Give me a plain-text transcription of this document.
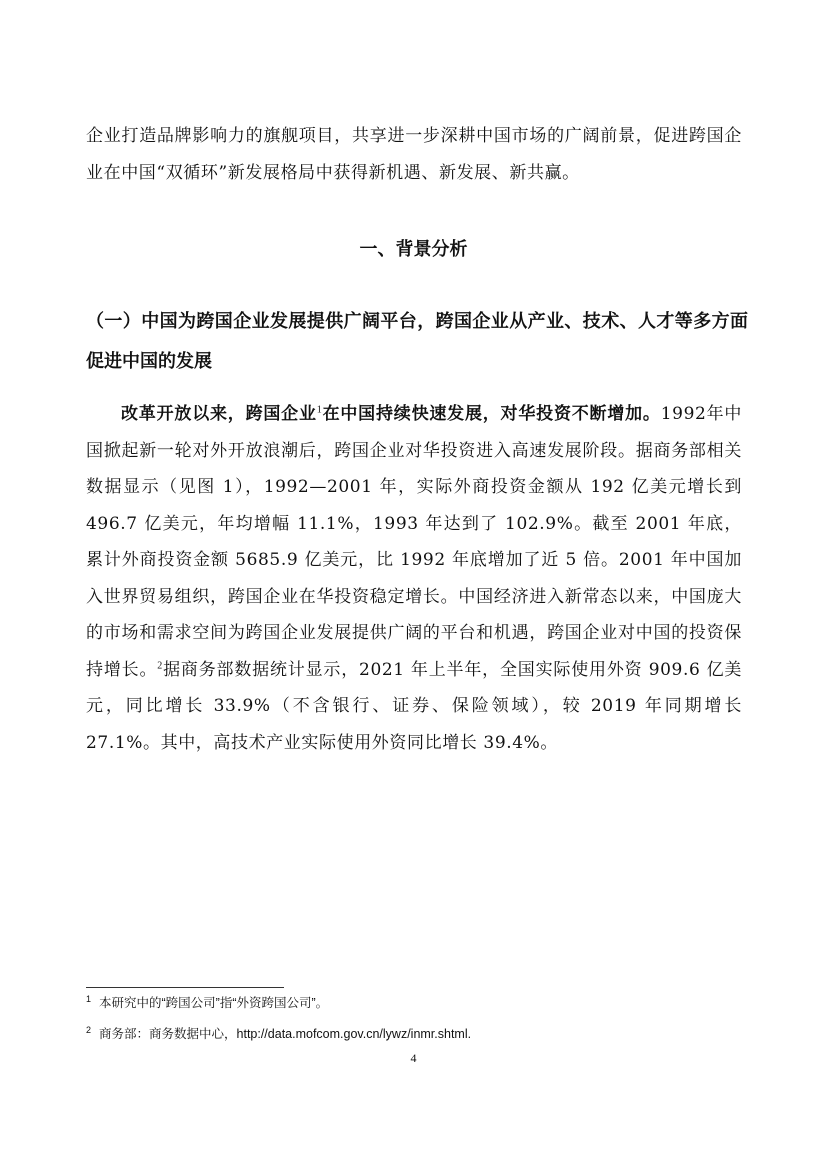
企业打造品牌影响力的旗舰项目，共享进一步深耕中国市场的广阔前景，促进跨国企业在中国“双循环”新发展格局中获得新机遇、新发展、新共赢。

一、背景分析
（一）中国为跨国企业发展提供广阔平台，跨国企业从产业、技术、人才等多方面促进中国的发展

改革开放以来，跨国企业$^1$在中国持续快速发展，对华投资不断增加。1992年中国掀起新一轮对外开放浪潮后，跨国企业对华投资进入高速发展阶段。据商务部相关数据显示（见图 1），1992—2001 年，实际外商投资金额从 192 亿美元增长到 496.7 亿美元，年均增幅 11.1%，1993 年达到了 102.9%。截至 2001 年底，累计外商投资金额 5685.9 亿美元，比 1992 年底增加了近 5 倍。2001 年中国加入世界贸易组织，跨国企业在华投资稳定增长。中国经济进入新常态以来，中国庞大的市场和需求空间为跨国企业发展提供广阔的平台和机遇，跨国企业对中国的投资保持增长。$^2$据商务部数据统计显示，2021 年上半年，全国实际使用外资 909.6 亿美元，同比增长 33.9%（不含银行、证券、保险领域），较 2019 年同期增长 27.1%。其中，高技术产业实际使用外资同比增长 39.4%。

$^1$ 本研究中的“跨国公司”指“外资跨国公司”。

$^2$ 商务部：商务数据中心，http://data.mofcom.gov.cn/lywz/inmr.shtml.

4
